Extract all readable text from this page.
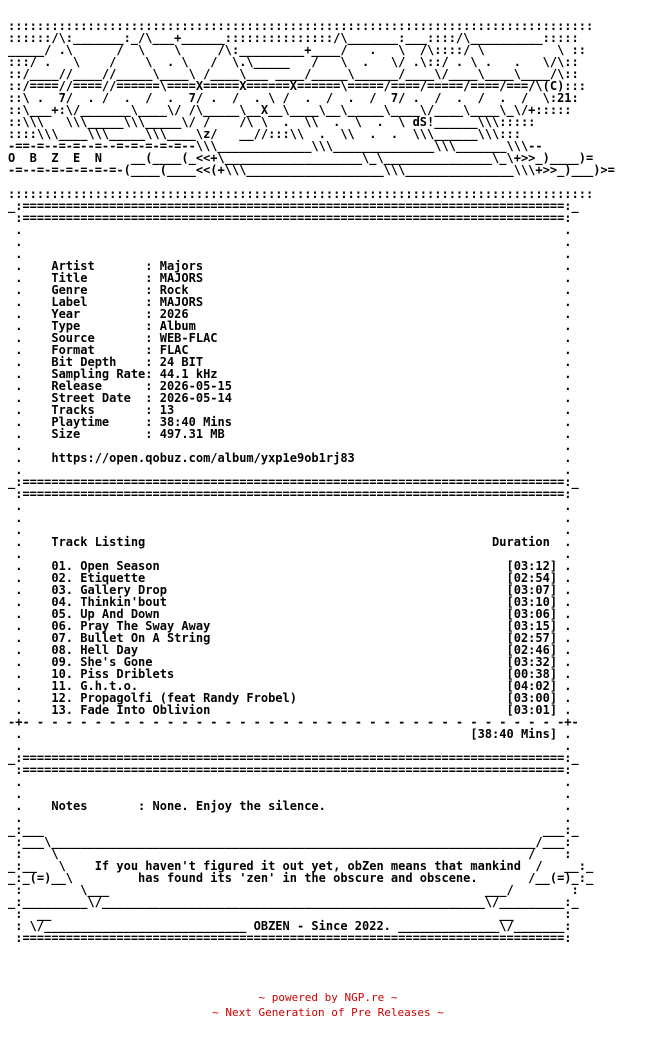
:::::::::::::::::::::::::::::::::::::::::::::::::::::::::::::::::::::::::::::::::
::::::/\:_______:_/\___+______:::::::::::::::/\_______:___::::/\__________:::::
_____/ .\      /  \    \     /\:_________+____/   .   \  /\::::/ \          \ ::
:::/ .   \    /    \  . \   /  \.\_____   /   \  .   \/ .\::/ . \ .   .   \/\::
::/____//____//_____\____\ /____\___ ____/_____\______/____\/____\____\____/\::
::/====//====//======\====X=====X======X======\=====/====/=====/====/===/\(C):::
::\ .  7/  . /  .  /  .  7/ .  /  . \ /  .  /  .  /  7/ .  /  .  /  .  /  \:21:
::\___+:\/_______\____\/ /\_____\__X__\____\__\_____\____\/____\____\_\/+:::::
::\\\   \\\_____\\\_____\/ /    /\ \  .  \\  .  \  .  \ dS!______\\\:::::
::::\\\____\\\_____\\\____\z/   __//:::\\  .  \\  .  .  \\\______\\\:::
-==-=--=-=--=--=-=-=-=-=--\\\_____________\\\______________\\\_______\\\--
O  B  Z  E  N    __(____(_<<+\___________________\_\_______________\_\+>>_)____)=
-=--=-=-=-=-=-=-(____(____<<(+\\\___________________\\\_______________\\\+>>_)___)>=
:::::::::::::::::::::::::::::::::::::::::::::::::::::::::::::::::::::::::::::::::
_:===========================================================================:_
:===========================================================================:
.                                                                           .
.                                                                           .
.                                                                           .
.    Artist       : Majors                                                  .
.    Title        : MAJORS                                                  .
.    Genre        : Rock                                                    .
.    Label        : MAJORS                                                  .
.    Year         : 2026                                                    .
.    Type         : Album                                                   .
.    Source       : WEB-FLAC                                                .
.    Format       : FLAC                                                    .
.    Bit Depth    : 24 BIT                                                  .
.    Sampling Rate: 44.1 kHz                                                .
.    Release      : 2026-05-15                                              .
.    Street Date  : 2026-05-14                                              .
.    Tracks       : 13                                                      .
.    Playtime     : 38:40 Mins                                              .
.    Size         : 497.31 MB                                               .
.                                                                           .
.    https://open.qobuz.com/album/yxp1e9ob1rj83                             .
.                                                                           .
_:===========================================================================:_
:===========================================================================:
.                                                                           .
.                                                                           .
.                                                                           .
.    Track Listing                                                Duration  .
.                                                                           .
.    01. Open Season                                                [03:12] .
.    02. Etiquette                                                  [02:54] .
.    03. Gallery Drop                                               [03:07] .
.    04. Thinkin'bout                                               [03:10] .
.    05. Up And Down                                                [03:06] .
.    06. Pray The Sway Away                                         [03:15] .
.    07. Bullet On A String                                         [02:57] .
.    08. Hell Day                                                   [02:46] .
.    09. She's Gone                                                 [03:32] .
.    10. Piss Driblets                                              [00:38] .
.    11. G.h.t.o.                                                   [04:02] .
.    12. Propagolfi (feat Randy Frobel)                             [03:00] .
.    13. Fade Into Oblivion                                         [03:01] .
-+- - - - - - - - - - - - - - - - - - - - - - - - - - - - - - - - - - - - - -+-
.                                                              [38:40 Mins] .
.                                                                           .
_:===========================================================================:_
:===========================================================================:
.                                                                           .
.                                                                           .
.    Notes       : None. Enjoy the silence.                                 .
.                                                                           .
_:___                                                                     ___:_
:___\___________________________________________________________________/___:
:    \                                                                 /    :
_:__   \    If you haven't figured it out yet, obZen means that mankind  /   __:_
_:_(=)__\         has found its 'zen' in the obscure and obscene.       /__(=)_:_
:        \___                                                    ___/        :
_:_________\/_____________________________________________________\/_________:_
:  __                                                              __       :
: \/____________________________ OBZEN - Since 2022. ______________\/_______:
:===========================================================================:
~ powered by NGP.re ~
~ Next Generation of Pre Releases ~
